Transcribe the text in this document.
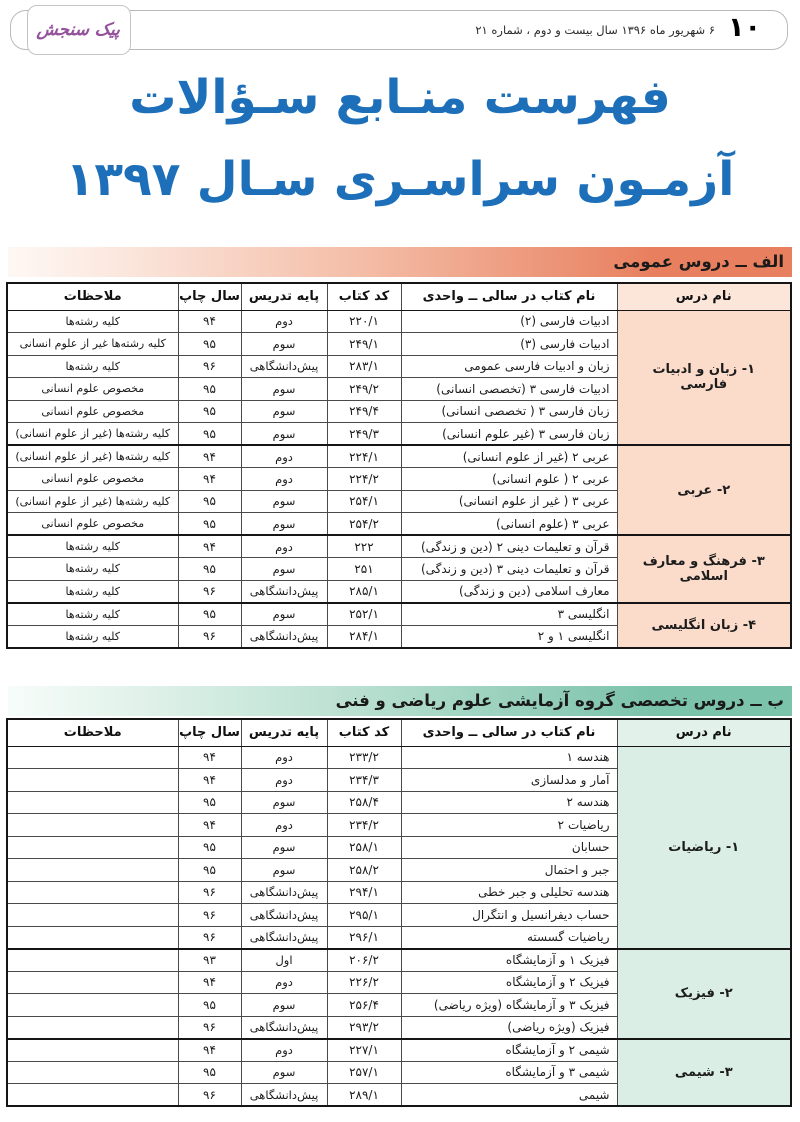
پیک سنجش	۶ شهریور ماه ۱۳۹۶ سال بیست و دوم ، شماره ۲۱ ۱۰
فهرست منـابع سـؤالات
آزمـون سراسـری سـال ۱۳۹۷
الف ــ دروس عمومی
نام درس	نام کتاب در سالی ــ واحدی	کد کتاب	پایه تدریس	سال چاپ	ملاحظات
۱- زبان و ادبیات فارسی	ادبیات فارسی (۲)	۲۲۰/۱	دوم	۹۴	کلیه رشته‌ها
	ادبیات فارسی (۳)	۲۴۹/۱	سوم	۹۵	کلیه رشته‌ها غیر از علوم انسانی
	زبان و ادبیات فارسی عمومی	۲۸۳/۱	پیش‌دانشگاهی	۹۶	کلیه رشته‌ها
	ادبیات فارسی ۳ (تخصصی انسانی)	۲۴۹/۲	سوم	۹۵	مخصوص علوم انسانی
	زبان فارسی ۳ ( تخصصی انسانی)	۲۴۹/۴	سوم	۹۵	مخصوص علوم انسانی
	زبان فارسی ۳ (غیر علوم انسانی)	۲۴۹/۳	سوم	۹۵	کلیه رشته‌ها (غیر از علوم انسانی)
۲- عربی	عربی ۲ (غیر از علوم انسانی)	۲۲۴/۱	دوم	۹۴	کلیه رشته‌ها (غیر از علوم انسانی)
	عربی ۲ ( علوم انسانی)	۲۲۴/۲	دوم	۹۴	مخصوص علوم انسانی
	عربی ۳ ( غیر از علوم انسانی)	۲۵۴/۱	سوم	۹۵	کلیه رشته‌ها (غیر از علوم انسانی)
	عربی ۳ (علوم انسانی)	۲۵۴/۲	سوم	۹۵	مخصوص علوم انسانی
۳- فرهنگ و معارف اسلامی	قرآن و تعلیمات دینی ۲ (دین و زندگی)	۲۲۲	دوم	۹۴	کلیه رشته‌ها
	قرآن و تعلیمات دینی ۳ (دین و زندگی)	۲۵۱	سوم	۹۵	کلیه رشته‌ها
	معارف اسلامی (دین و زندگی)	۲۸۵/۱	پیش‌دانشگاهی	۹۶	کلیه رشته‌ها
۴- زبان انگلیسی	انگلیسی ۳	۲۵۲/۱	سوم	۹۵	کلیه رشته‌ها
	انگلیسی ۱ و ۲	۲۸۴/۱	پیش‌دانشگاهی	۹۶	کلیه رشته‌ها
ب ــ دروس تخصصی گروه آزمایشی علوم ریاضی و فنی
نام درس	نام کتاب در سالی ــ واحدی	کد کتاب	پایه تدریس	سال چاپ	ملاحظات
۱- ریاضیات	هندسه ۱	۲۳۳/۲	دوم	۹۴	
	آمار و مدلسازی	۲۳۴/۳	دوم	۹۴	
	هندسه ۲	۲۵۸/۴	سوم	۹۵	
	ریاضیات ۲	۲۳۴/۲	دوم	۹۴	
	حسابان	۲۵۸/۱	سوم	۹۵	
	جبر و احتمال	۲۵۸/۲	سوم	۹۵	
	هندسه تحلیلی و جبر خطی	۲۹۴/۱	پیش‌دانشگاهی	۹۶	
	حساب دیفرانسیل و انتگرال	۲۹۵/۱	پیش‌دانشگاهی	۹۶	
	ریاضیات گسسته	۲۹۶/۱	پیش‌دانشگاهی	۹۶	
۲- فیزیک	فیزیک ۱ و آزمایشگاه	۲۰۶/۲	اول	۹۳	
	فیزیک ۲ و آزمایشگاه	۲۲۶/۲	دوم	۹۴	
	فیزیک ۳ و آزمایشگاه (ویژه ریاضی)	۲۵۶/۴	سوم	۹۵	
	فیزیک (ویژه ریاضی)	۲۹۳/۲	پیش‌دانشگاهی	۹۶	
۳- شیمی	شیمی ۲ و آزمایشگاه	۲۲۷/۱	دوم	۹۴	
	شیمی ۳ و آزمایشگاه	۲۵۷/۱	سوم	۹۵	
	شیمی	۲۸۹/۱	پیش‌دانشگاهی	۹۶	
